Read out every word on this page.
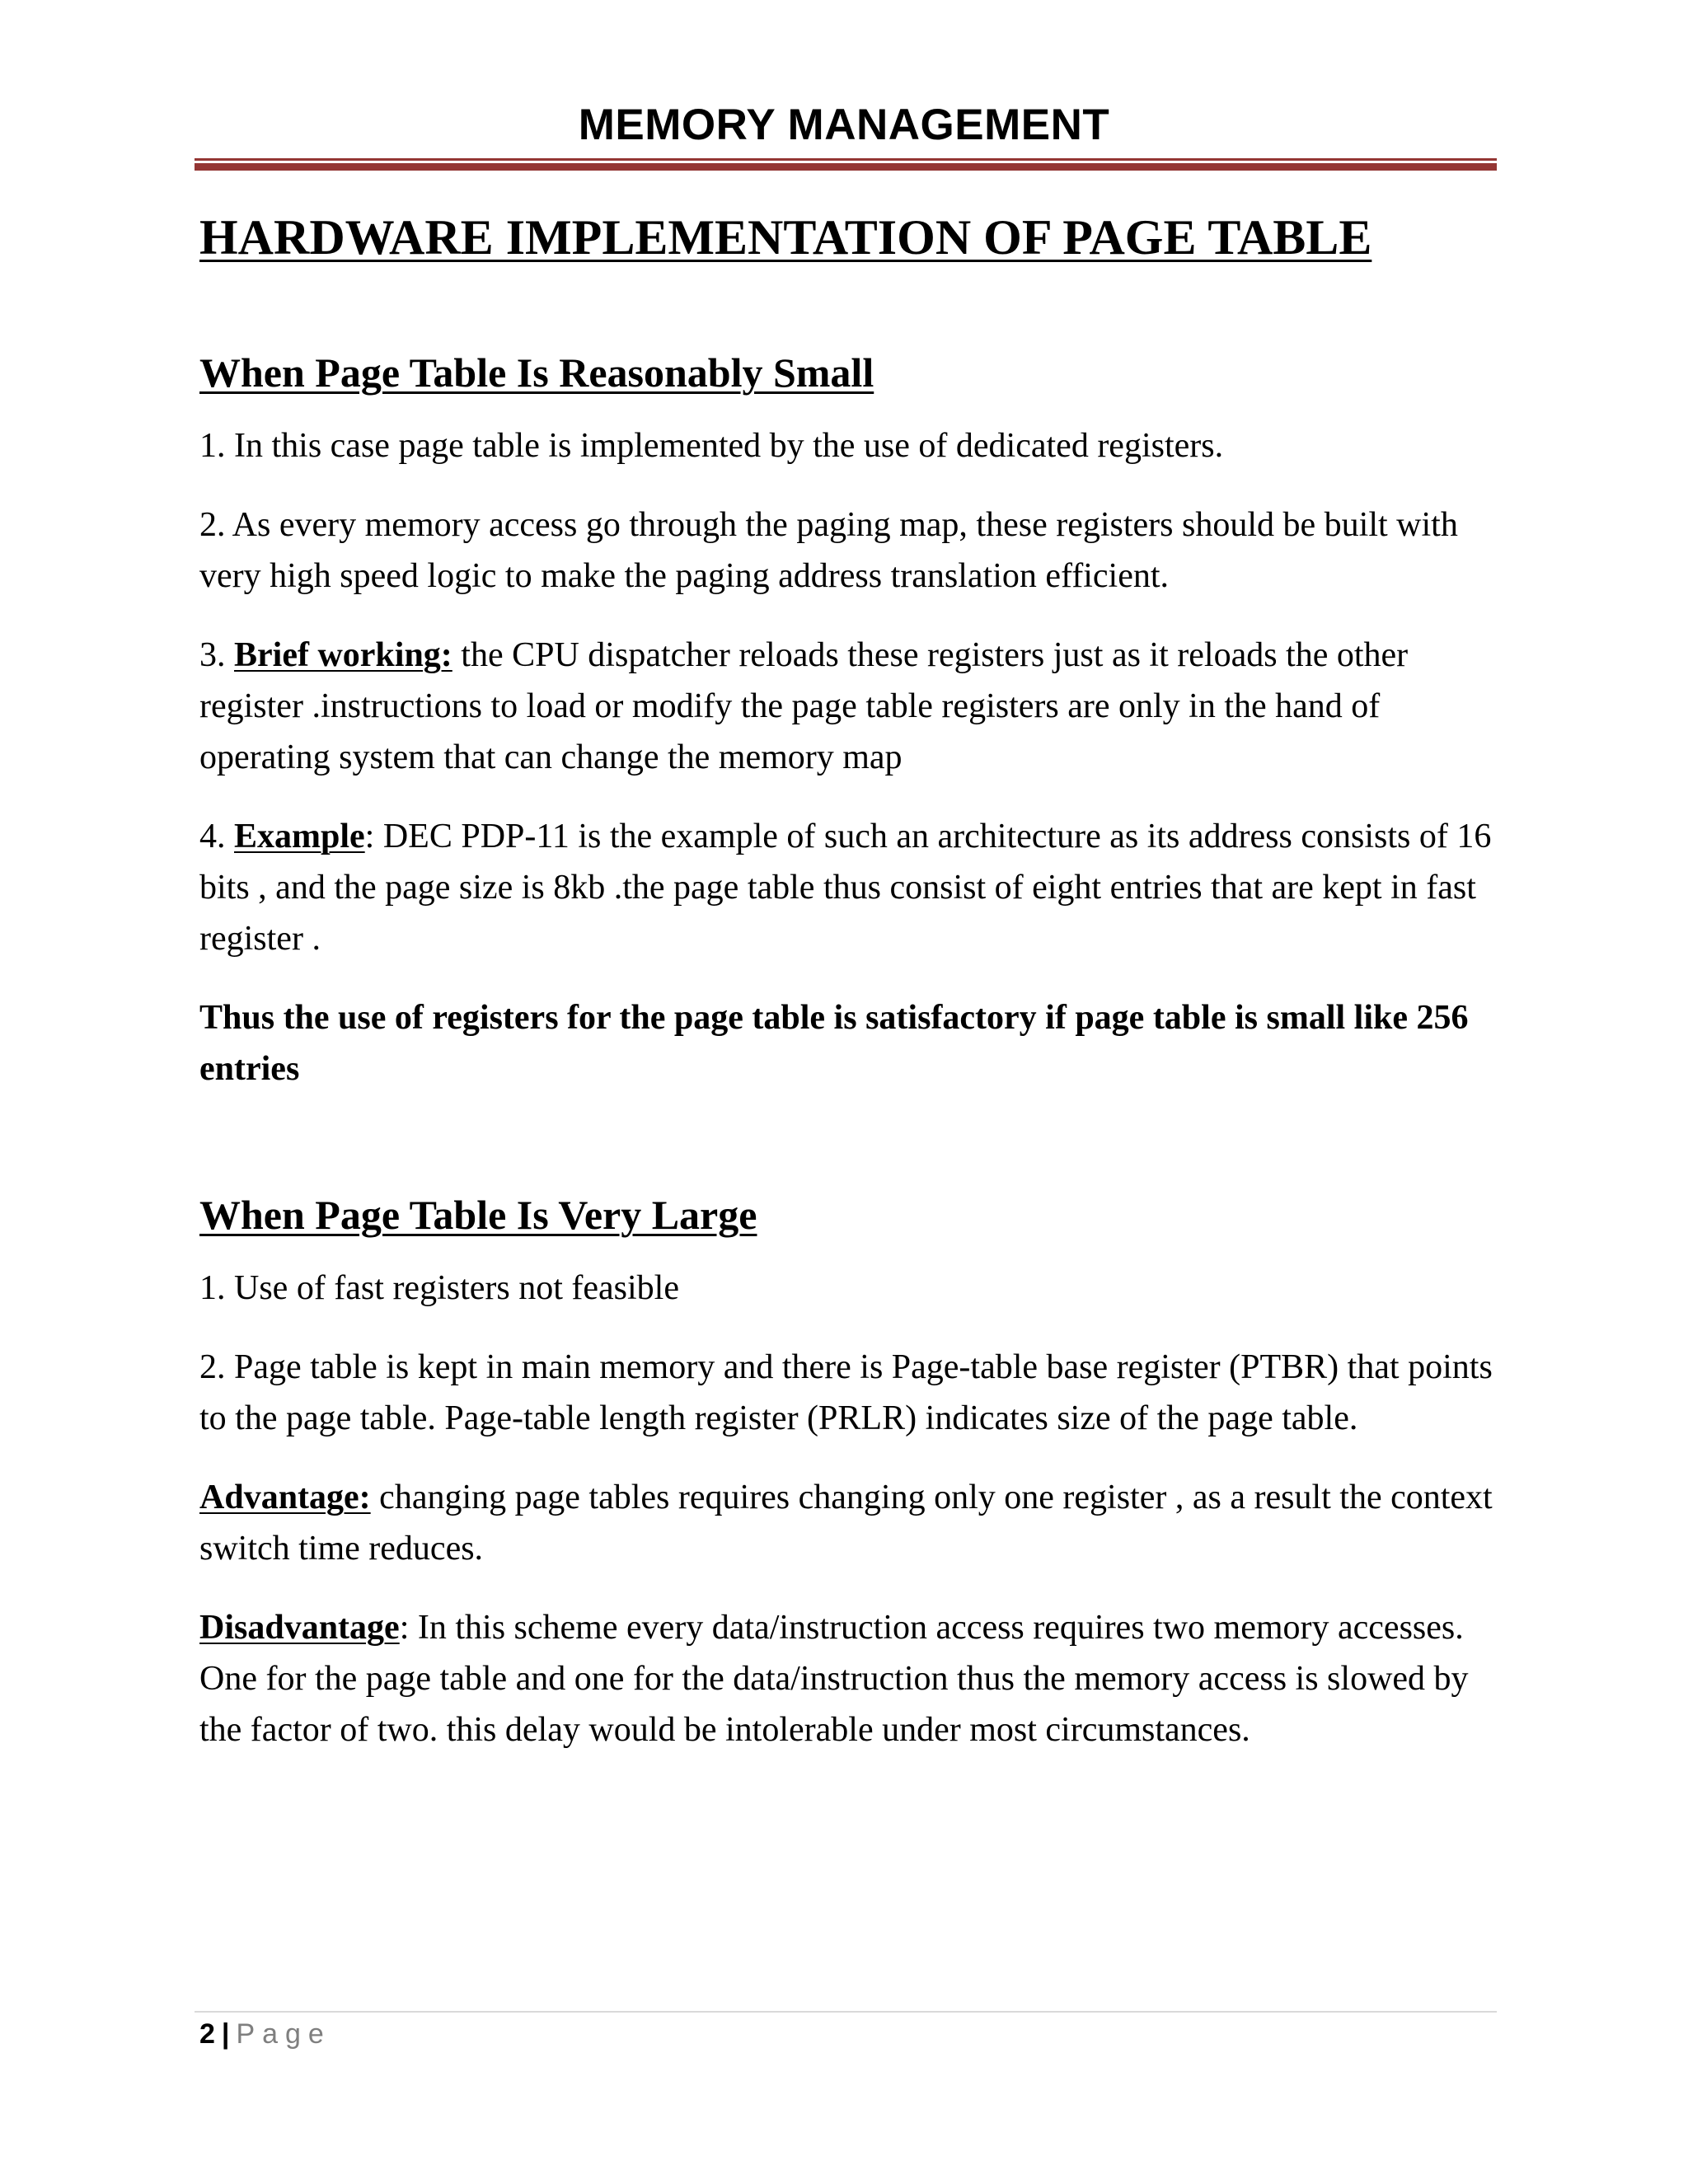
MEMORY MANAGEMENT
HARDWARE IMPLEMENTATION OF PAGE TABLE
When Page Table Is Reasonably Small

1. In this case page table is implemented by the use of dedicated registers.

2. As every memory access go through the paging map, these registers should be built with very high speed logic to make the paging address translation efficient.

3. Brief working: the CPU dispatcher reloads these registers just as it reloads the other register .instructions to load or modify the page table registers are only in the hand of operating system that can change the memory map

4. Example: DEC PDP-11 is the example of such an architecture as its address consists of 16 bits , and the page size is 8kb .the page table thus consist of eight entries that are kept in fast register .

Thus the use of registers for the page table is satisfactory if page table is small like 256 entries

When Page Table Is Very Large

1. Use of fast registers not feasible

2. Page table is kept in main memory and there is Page-table base register (PTBR) that points to the page table. Page-table length register (PRLR) indicates size of the page table.

Advantage: changing page tables requires changing only one register , as a result the context switch time reduces.

Disadvantage: In this scheme every data/instruction access requires two memory accesses. One for the page table and one for the data/instruction thus the memory access is slowed by the factor of two. this delay would be intolerable under most circumstances.

2 | Page
